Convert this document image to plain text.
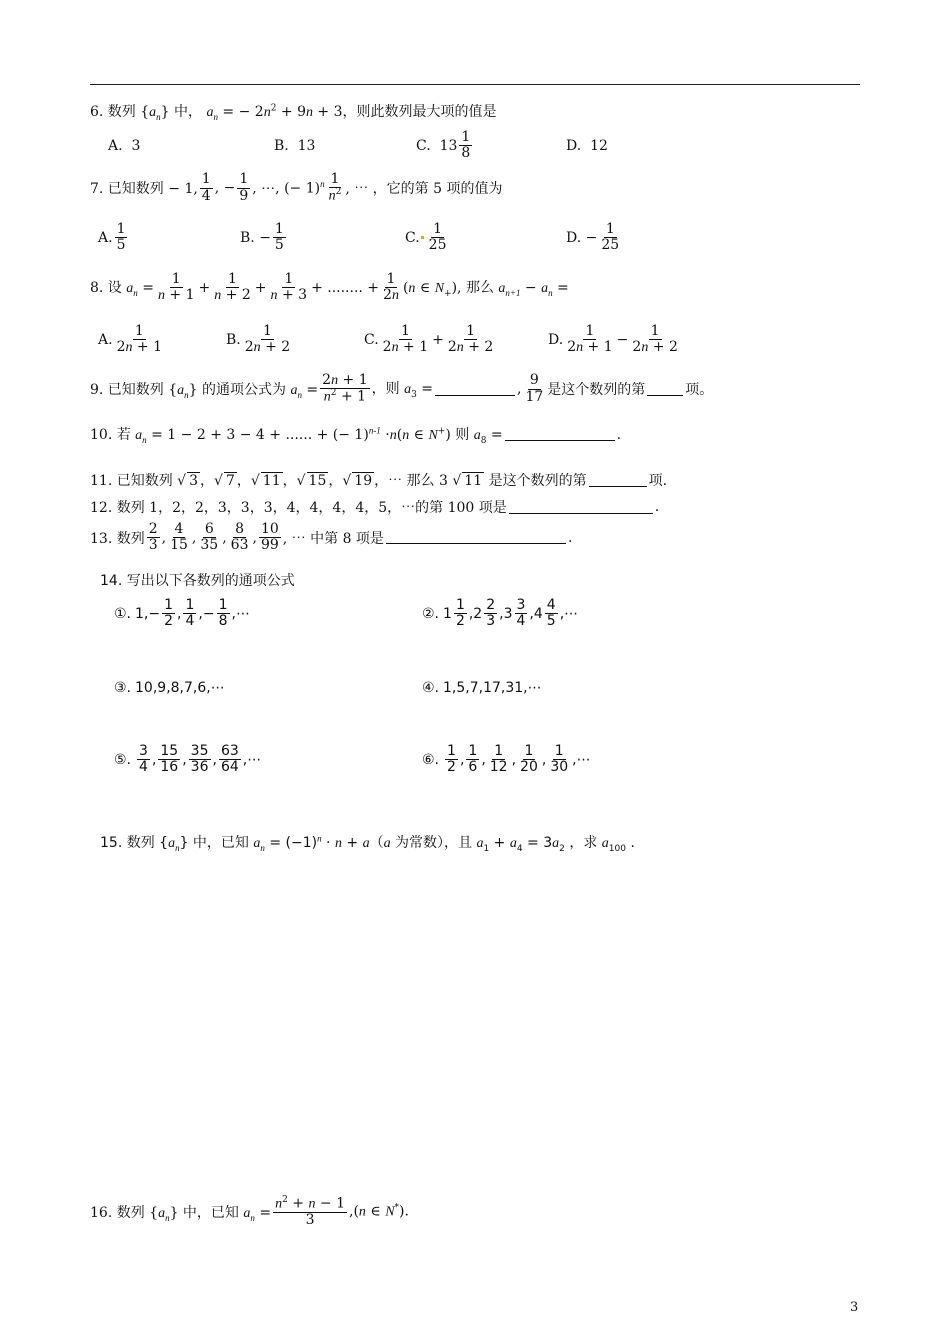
6. 数列 $\{a_n\}$ 中， $a_n$ = − $2n^2 + 9n + 3$，则此数列最大项的值是
A.  3	B.  13	C.  $13 \frac{1}{8}$	D.  12
7. 已知数列 − 1, $\frac{1}{4}$ , − $\frac{1}{9}$ , ⋯, (− $1)^n \frac{1}{n^2}$ , ⋯ ，它的第 5 项的值为
A. $\frac{1}{5}$	B. − $\frac{1}{5}$	C. $\frac{1}{25}$	D. − $\frac{1}{25}$
8. 设 $a_n = \frac{1}{n + 1} + \frac{1}{n + 2} + \frac{1}{n + 3}$ + ........ + $\frac{1}{2n} (n$ ∈ $N_+$), 那么 $a_{n+1} - a_n$ =
A. $\frac{1}{2n + 1}$	B. $\frac{1}{2n + 2}$	C. $\frac{1}{2n + 1} + \frac{1}{2n + 2}$	D. $\frac{1}{2n + 1} - \frac{1}{2n + 2}$
9. 已知数列 $\{a_n\}$ 的通项公式为 $a_n = \frac{2n + 1}{n^2 + 1}$ ，则 $a_3$ =	, $\frac{9}{17}$ 是这个数列的第	项。
10. 若 $a_n = 1 - 2 + 3 - 4$ + ...... + (− 1)$^{n-1}$ ·n(n ∈ N+) 则 $a_8$ =	.
11. 已知数列 √ 3 ，√ 7 ，√ 11 ，√ 15 ，√ 19 ，⋯ 那么 3 √ 11 是这个数列的第	项.
12. 数列 1，2，2，3，3，3，4，4，4，4，5，⋯的第 100 项是	.
13. 数列 $\frac{2}{3}$ , $\frac{4}{15}$ , $\frac{6}{35}$ , $\frac{8}{63}$ , $\frac{10}{99}$ , ⋯ 中第 8 项是	.
14. 写出以下各数列的通项公式
①. $1,- \frac{1}{2}$ , $\frac{1}{4}$ ,− $\frac{1}{8}$ ,⋯	②. $1 \frac{1}{2} ,2 \frac{2}{3} ,3 \frac{3}{4} ,4 \frac{4}{5}$ ,⋯
③. 10,9,8,7,6,⋯	④. 1,5,7,17,31,⋯
⑤. $\frac{3}{4}$ , $\frac{15}{16}$ , $\frac{35}{36}$ , $\frac{63}{64}$ ,⋯	⑥. $\frac{1}{2}$ , $\frac{1}{6}$ , $\frac{1}{12}$ , $\frac{1}{20}$ , $\frac{1}{30}$ ,⋯
15. 数列 $\{a_n\}$ 中，已知 $a_n = (-1)^n \cdot n + a(a$ 为常数），且 $a_1 + a_4 = 3a_2$ ，求 $a_{100}$ .
16. 数列 $\{a_n\}$ 中，已知 $a_n = \frac{n^2 + n - 1}{3} ,(n$ ∈ N*).
3
